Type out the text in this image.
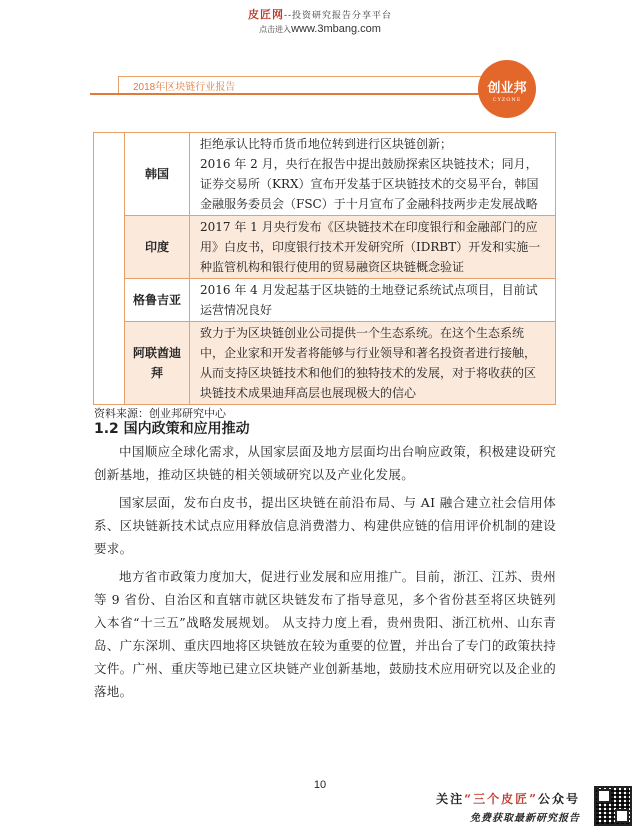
皮匠网--投资研究报告分享平台
点击进入www.3mbang.com
2018年区块链行业报告	创业邦
CYZONE
	韩国	拒绝承认比特币货币地位转到进行区块链创新；

2016 年 2 月，央行在报告中提出鼓励探索区块链技术；同月，证券交易所（KRX）宣布开发基于区块链技术的交易平台，韩国金融服务委员会（FSC）于十月宣布了金融科技两步走发展战略

	印度	2017 年 1 月央行发布《区块链技术在印度银行和金融部门的应用》白皮书，印度银行技术开发研究所（IDRBT）开发和实施一种监管机构和银行使用的贸易融资区块链概念验证

	格鲁吉亚	2016 年 4 月发起基于区块链的土地登记系统试点项目，目前试运营情况良好

	阿联酋迪拜	致力于为区块链创业公司提供一个生态系统。在这个生态系统中，企业家和开发者将能够与行业领导和著名投资者进行接触，从而支持区块链技术和他们的独特技术的发展，对于将收获的区块链技术成果迪拜高层也展现极大的信心

资料来源：创业邦研究中心
1.2 国内政策和应用推动

中国顺应全球化需求，从国家层面及地方层面均出台响应政策，积极建设研究创新基地，推动区块链的相关领域研究以及产业化发展。

国家层面，发布白皮书，提出区块链在前沿布局、与 AI 融合建立社会信用体系、区块链新技术试点应用释放信息消费潜力、构建供应链的信用评价机制的建设要求。

地方省市政策力度加大，促进行业发展和应用推广。目前，浙江、江苏、贵州等 9 省份、自治区和直辖市就区块链发布了指导意见，多个省份甚至将区块链列入本省“十三五”战略发展规划。 从支持力度上看，贵州贵阳、浙江杭州、山东青岛、广东深圳、重庆四地将区块链放在较为重要的位置，并出台了专门的政策扶持文件。广州、重庆等地已建立区块链产业创新基地，鼓励技术应用研究以及企业的落地。

10
关注“三个皮匠”公众号
免费获取最新研究报告
